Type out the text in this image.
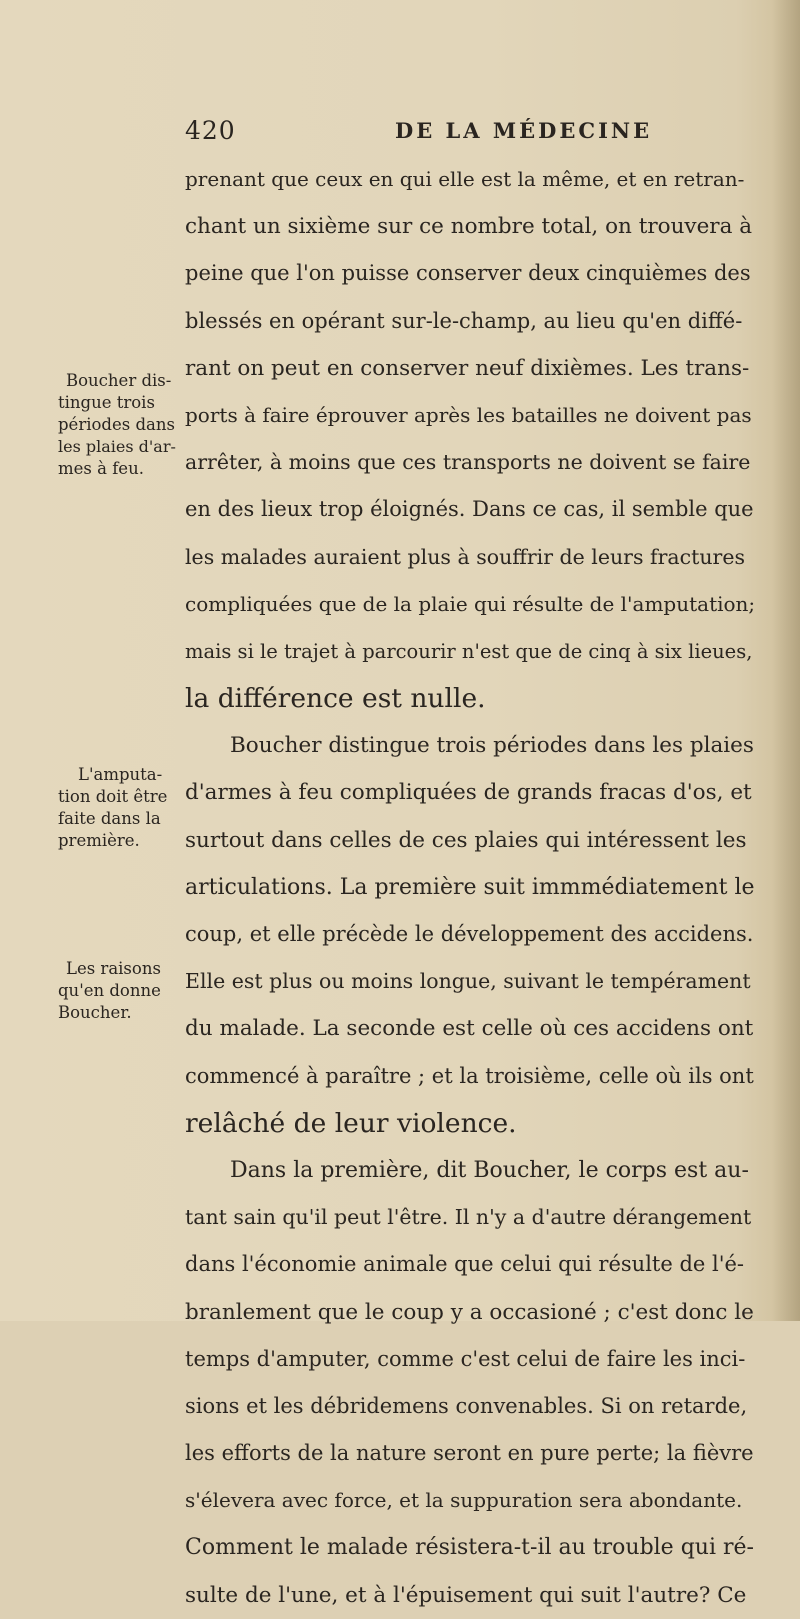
420	DE LA MÉDECINE
Boucher dis-
tingue trois
périodes dans
les plaies d'ar-
mes à feu.
L'amputa-
tion doit être
faite dans la
première.
Les raisons
qu'en donne
Boucher.
prenant que ceux en qui elle est la même, et en retran-
chant un sixième sur ce nombre total, on trouvera à
peine que l'on puisse conserver deux cinquièmes des
blessés en opérant sur-le-champ, au lieu qu'en diffé-
rant on peut en conserver neuf dixièmes. Les trans-
ports à faire éprouver après les batailles ne doivent pas
arrêter, à moins que ces transports ne doivent se faire
en des lieux trop éloignés. Dans ce cas, il semble que
les malades auraient plus à souffrir de leurs fractures
compliquées que de la plaie qui résulte de l'amputation;
mais si le trajet à parcourir n'est que de cinq à six lieues,
la différence est nulle.
Boucher distingue trois périodes dans les plaies
d'armes à feu compliquées de grands fracas d'os, et
surtout dans celles de ces plaies qui intéressent les
articulations. La première suit immmédiatement le
coup, et elle précède le développement des accidens.
Elle est plus ou moins longue, suivant le tempérament
du malade. La seconde est celle où ces accidens ont
commencé à paraître ; et la troisième, celle où ils ont
relâché de leur violence.
Dans la première, dit Boucher, le corps est au-
tant sain qu'il peut l'être. Il n'y a d'autre dérangement
dans l'économie animale que celui qui résulte de l'é-
branlement que le coup y a occasioné ; c'est donc le
temps d'amputer, comme c'est celui de faire les inci-
sions et les débridemens convenables. Si on retarde,
les efforts de la nature seront en pure perte; la fièvre
s'élevera avec force, et la suppuration sera abondante.
Comment le malade résistera-t-il au trouble qui ré-
sulte de l'une, et à l'épuisement qui suit l'autre? Ce
